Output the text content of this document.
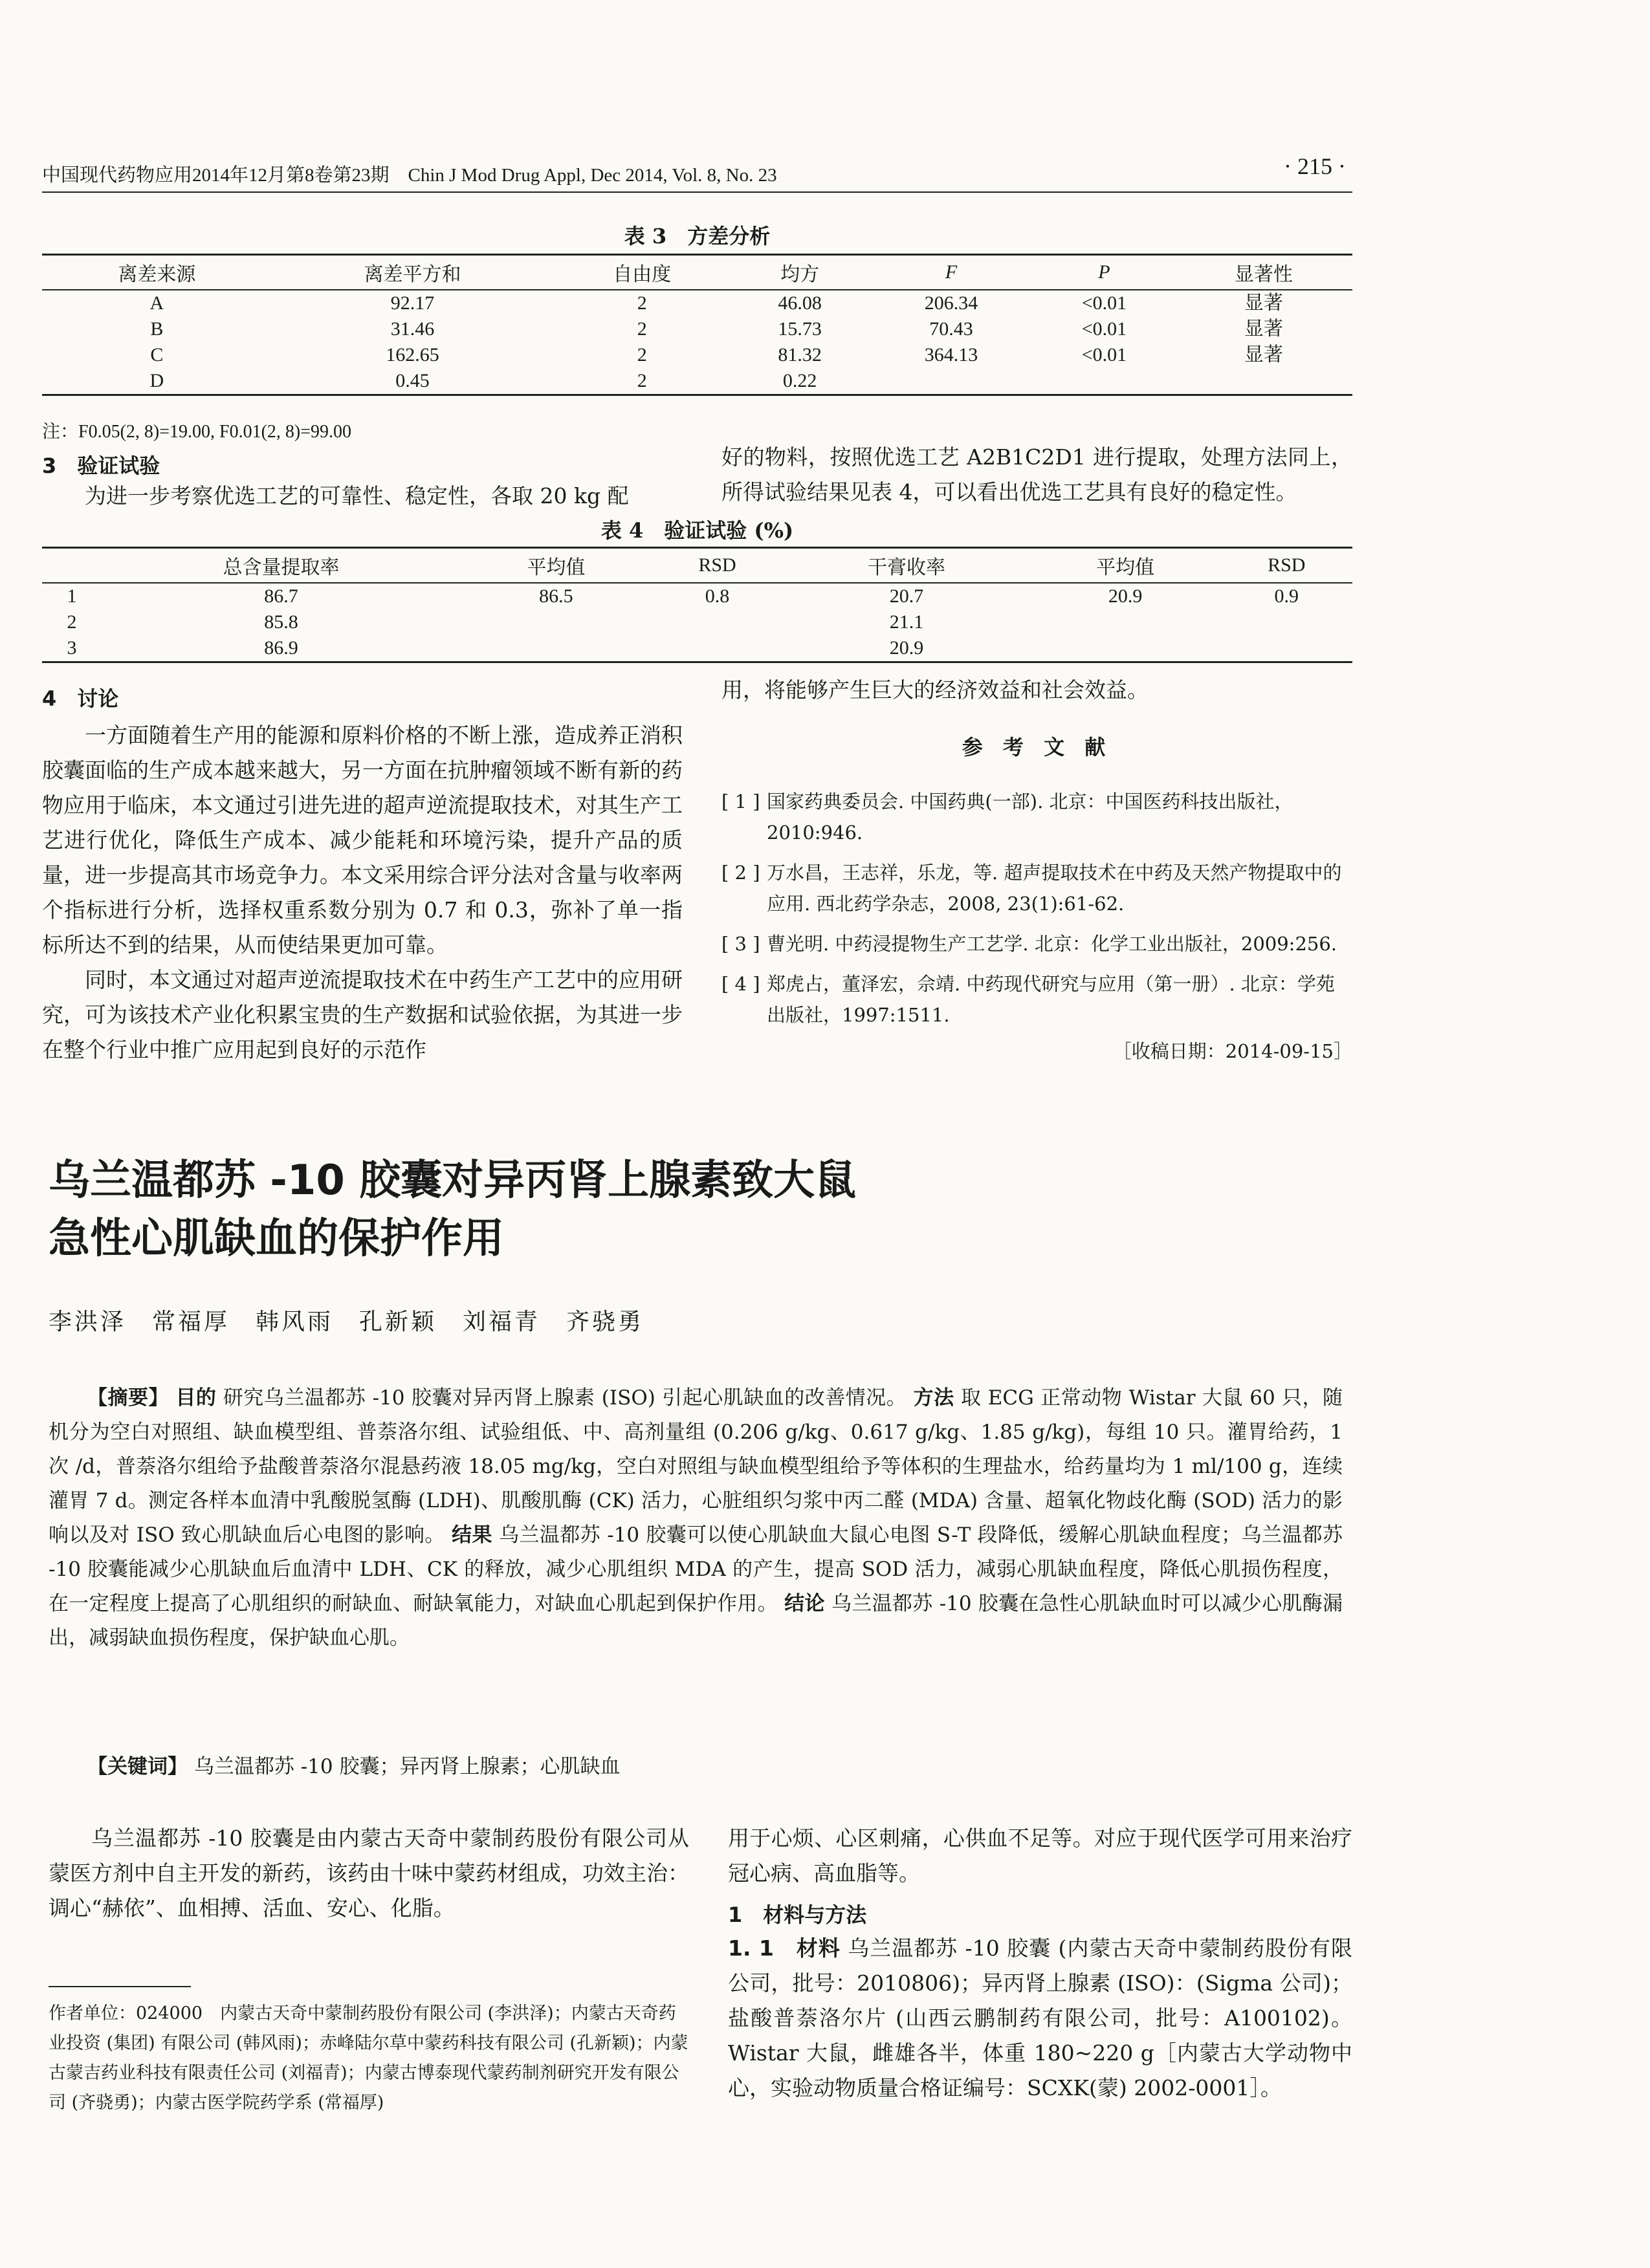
中国现代药物应用2014年12月第8卷第23期　Chin J Mod Drug Appl, Dec 2014, Vol. 8, No. 23	· 215 ·
表 3　方差分析
离差来源	离差平方和	自由度	均方	F	P	显著性
A	92.17	2	46.08	206.34	<0.01	显著
B	31.46	2	15.73	70.43	<0.01	显著
C	162.65	2	81.32	364.13	<0.01	显著
D	0.45	2	0.22			
注：F0.05(2, 8)=19.00, F0.01(2, 8)=99.00
3　验证试验
为进一步考察优选工艺的可靠性、稳定性，各取 20 kg 配
好的物料，按照优选工艺 A2B1C2D1 进行提取，处理方法同上，所得试验结果见表 4，可以看出优选工艺具有良好的稳定性。
表 4　验证试验 (%)
	总含量提取率	平均值	RSD	干膏收率	平均值	RSD
1	86.7	86.5	0.8	20.7	20.9	0.9
2	85.8			21.1		
3	86.9			20.9		
4　讨论
一方面随着生产用的能源和原料价格的不断上涨，造成养正消积胶囊面临的生产成本越来越大，另一方面在抗肿瘤领域不断有新的药物应用于临床，本文通过引进先进的超声逆流提取技术，对其生产工艺进行优化，降低生产成本、减少能耗和环境污染，提升产品的质量，进一步提高其市场竞争力。本文采用综合评分法对含量与收率两个指标进行分析，选择权重系数分别为 0.7 和 0.3，弥补了单一指标所达不到的结果，从而使结果更加可靠。
同时，本文通过对超声逆流提取技术在中药生产工艺中的应用研究，可为该技术产业化积累宝贵的生产数据和试验依据，为其进一步在整个行业中推广应用起到良好的示范作
用，将能够产生巨大的经济效益和社会效益。
参 考 文 献
[ 1 ] 国家药典委员会. 中国药典(一部). 北京：中国医药科技出版社，2010:946.
[ 2 ] 万水昌，王志祥，乐龙，等. 超声提取技术在中药及天然产物提取中的应用. 西北药学杂志，2008, 23(1):61-62.
[ 3 ] 曹光明. 中药浸提物生产工艺学. 北京：化学工业出版社，2009:256.
[ 4 ] 郑虎占，董泽宏，佘靖. 中药现代研究与应用（第一册）. 北京：学苑出版社，1997:1511.
［收稿日期：2014-09-15］
乌兰温都苏 -10 胶囊对异丙肾上腺素致大鼠
急性心肌缺血的保护作用
李洪泽　常福厚　韩风雨　孔新颖　刘福青　齐骁勇
【摘要】 目的 研究乌兰温都苏 -10 胶囊对异丙肾上腺素 (ISO) 引起心肌缺血的改善情况。 方法 取 ECG 正常动物 Wistar 大鼠 60 只，随机分为空白对照组、缺血模型组、普萘洛尔组、试验组低、中、高剂量组 (0.206 g/kg、0.617 g/kg、1.85 g/kg)，每组 10 只。灌胃给药，1 次 /d，普萘洛尔组给予盐酸普萘洛尔混悬药液 18.05 mg/kg，空白对照组与缺血模型组给予等体积的生理盐水，给药量均为 1 ml/100 g，连续灌胃 7 d。测定各样本血清中乳酸脱氢酶 (LDH)、肌酸肌酶 (CK) 活力，心脏组织匀浆中丙二醛 (MDA) 含量、超氧化物歧化酶 (SOD) 活力的影响以及对 ISO 致心肌缺血后心电图的影响。 结果 乌兰温都苏 -10 胶囊可以使心肌缺血大鼠心电图 S-T 段降低，缓解心肌缺血程度；乌兰温都苏 -10 胶囊能减少心肌缺血后血清中 LDH、CK 的释放，减少心肌组织 MDA 的产生，提高 SOD 活力，减弱心肌缺血程度，降低心肌损伤程度，在一定程度上提高了心肌组织的耐缺血、耐缺氧能力，对缺血心肌起到保护作用。 结论 乌兰温都苏 -10 胶囊在急性心肌缺血时可以减少心肌酶漏出，减弱缺血损伤程度，保护缺血心肌。
【关键词】 乌兰温都苏 -10 胶囊；异丙肾上腺素；心肌缺血
乌兰温都苏 -10 胶囊是由内蒙古天奇中蒙制药股份有限公司从蒙医方剂中自主开发的新药，该药由十味中蒙药材组成，功效主治：调心“赫依”、血相搏、活血、安心、化脂。
作者单位：024000　内蒙古天奇中蒙制药股份有限公司 (李洪泽)；内蒙古天奇药业投资 (集团) 有限公司 (韩风雨)；赤峰陆尔草中蒙药科技有限公司 (孔新颖)；内蒙古蒙吉药业科技有限责任公司 (刘福青)；内蒙古博泰现代蒙药制剂研究开发有限公司 (齐骁勇)；内蒙古医学院药学系 (常福厚)
用于心烦、心区刺痛，心供血不足等。对应于现代医学可用来治疗冠心病、高血脂等。
1　材料与方法
1. 1　材料 乌兰温都苏 -10 胶囊 (内蒙古天奇中蒙制药股份有限公司，批号：2010806)；异丙肾上腺素 (ISO)：(Sigma 公司)；盐酸普萘洛尔片 (山西云鹏制药有限公司，批号：A100102)。Wistar 大鼠，雌雄各半，体重 180~220 g［内蒙古大学动物中心，实验动物质量合格证编号：SCXK(蒙) 2002-0001］。
